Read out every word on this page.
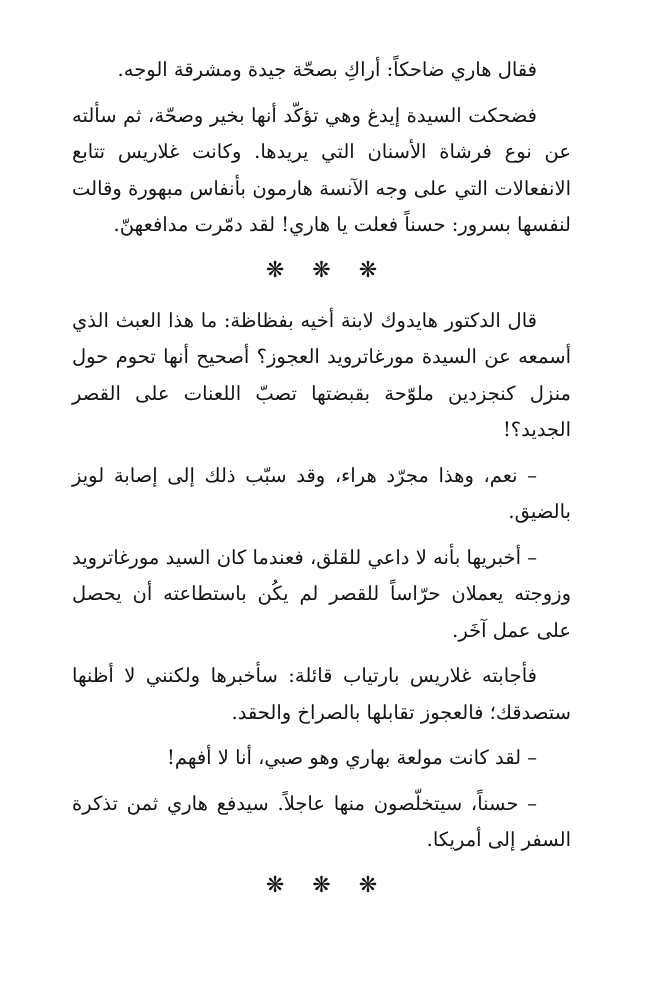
فقال هاري ضاحكاً: أراكِ بصحّة جيدة ومشرقة الوجه.

فضحكت السيدة إيدغ وهي تؤكّد أنها بخير وصحّة، ثم سألته عن نوع فرشاة الأسنان التي يريدها. وكانت غلاريس تتابع الانفعالات التي على وجه الآنسة هارمون بأنفاس مبهورة وقالت لنفسها بسرور: حسناً فعلت يا هاري! لقد دمّرت مدافعهنّ.

❋ ❋ ❋

قال الدكتور هايدوك لابنة أخيه بفظاظة: ما هذا العبث الذي أسمعه عن السيدة مورغاترويد العجوز؟ أصحيح أنها تحوم حول منزل كنجزدين ملوّحة بقبضتها تصبّ اللعنات على القصر الجديد؟!

– نعم، وهذا مجرّد هراء، وقد سبّب ذلك إلى إصابة لويز بالضيق.

– أخبريها بأنه لا داعي للقلق، فعندما كان السيد مورغاترويد وزوجته يعملان حرّاساً للقصر لم يكُن باستطاعته أن يحصل على عمل آخَر.

فأجابته غلاريس بارتياب قائلة: سأخبرها ولكنني لا أظنها ستصدقك؛ فالعجوز تقابلها بالصراخ والحقد.

– لقد كانت مولعة بهاري وهو صبي، أنا لا أفهم!

– حسناً، سيتخلّصون منها عاجلاً. سيدفع هاري ثمن تذكرة السفر إلى أمريكا.

❋ ❋ ❋
